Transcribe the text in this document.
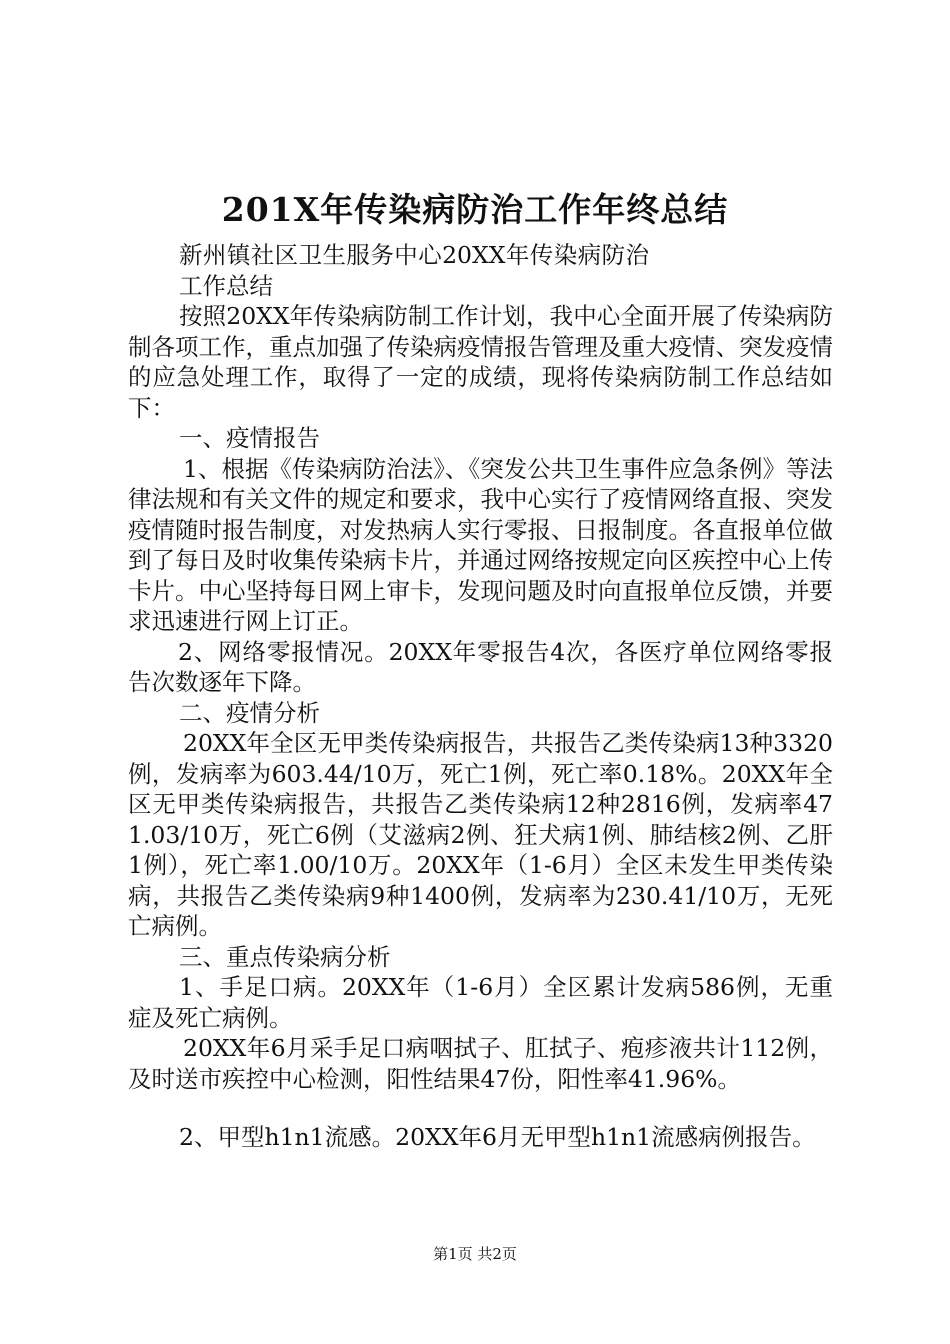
201X年传染病防治工作年终总结

新州镇社区卫生服务中心20XX年传染病防治工作总结

按照20XX年传染病防制工作计划，我中心全面开展了传染病防制各项工作，重点加强了传染病疫情报告管理及重大疫情、突发疫情的应急处理工作，取得了一定的成绩，现将传染病防制工作总结如下：

一、疫情报告

1、根据《传染病防治法》、《突发公共卫生事件应急条例》等法律法规和有关文件的规定和要求，我中心实行了疫情网络直报、突发疫情随时报告制度，对发热病人实行零报、日报制度。各直报单位做到了每日及时收集传染病卡片，并通过网络按规定向区疾控中心上传卡片。中心坚持每日网上审卡，发现问题及时向直报单位反馈，并要求迅速进行网上订正。

2、网络零报情况。20XX年零报告4次，各医疗单位网络零报告次数逐年下降。

二、疫情分析

20XX年全区无甲类传染病报告，共报告乙类传染病13种3320例，发病率为603.44/10万，死亡1例，死亡率0.18%。20XX年全区无甲类传染病报告，共报告乙类传染病12种2816例，发病率471.03/10万，死亡6例（艾滋病2例、狂犬病1例、肺结核2例、乙肝1例），死亡率1.00/10万。20XX年（1-6月）全区未发生甲类传染病，共报告乙类传染病9种1400例，发病率为230.41/10万，无死亡病例。

三、重点传染病分析

1、手足口病。20XX年（1-6月）全区累计发病586例，无重症及死亡病例。

20XX年6月采手足口病咽拭子、肛拭子、疱疹液共计112例，及时送市疾控中心检测，阳性结果47份，阳性率41.96%。

2、甲型h1n1流感。20XX年6月无甲型h1n1流感病例报告。

第1页 共2页
